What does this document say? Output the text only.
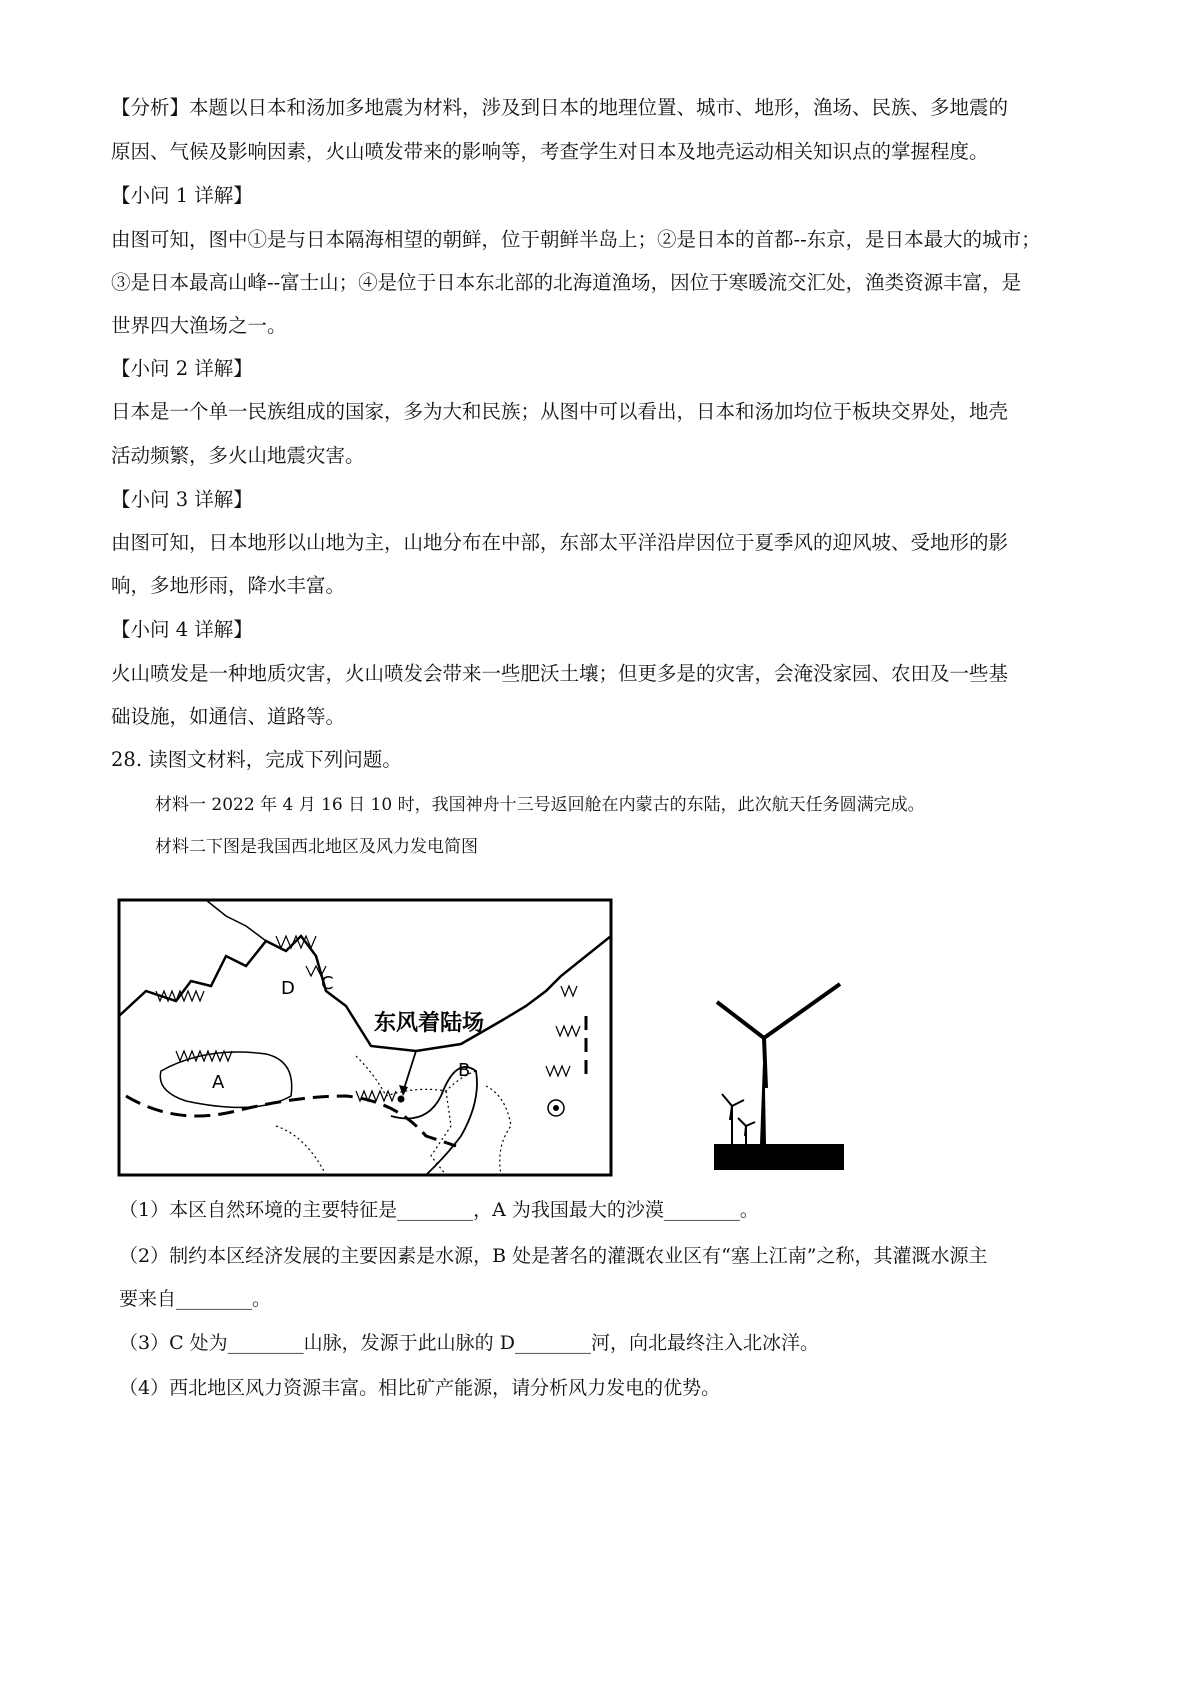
【分析】本题以日本和汤加多地震为材料，涉及到日本的地理位置、城市、地形，渔场、民族、多地震的
原因、气候及影响因素，火山喷发带来的影响等，考查学生对日本及地壳运动相关知识点的掌握程度。
【小问 1 详解】
由图可知，图中①是与日本隔海相望的朝鲜，位于朝鲜半岛上；②是日本的首都--东京，是日本最大的城市；
③是日本最高山峰--富士山；④是位于日本东北部的北海道渔场，因位于寒暖流交汇处，渔类资源丰富，是
世界四大渔场之一。
【小问 2 详解】
日本是一个单一民族组成的国家，多为大和民族；从图中可以看出，日本和汤加均位于板块交界处，地壳
活动频繁，多火山地震灾害。
【小问 3 详解】
由图可知，日本地形以山地为主，山地分布在中部，东部太平洋沿岸因位于夏季风的迎风坡、受地形的影
响，多地形雨，降水丰富。
【小问 4 详解】
火山喷发是一种地质灾害，火山喷发会带来一些肥沃土壤；但更多是的灾害，会淹没家园、农田及一些基
础设施，如通信、道路等。
28. 读图文材料，完成下列问题。
材料一 2022 年 4 月 16 日 10 时，我国神舟十三号返回舱在内蒙古的东陆，此次航天任务圆满完成。
材料二下图是我国西北地区及风力发电简图
东风着陆场
A
B
C
D
（1）本区自然环境的主要特征是________，A 为我国最大的沙漠________。
（2）制约本区经济发展的主要因素是水源，B 处是著名的灌溉农业区有“塞上江南”之称，其灌溉水源主
要来自________。
（3）C 处为________山脉，发源于此山脉的 D________河，向北最终注入北冰洋。
（4）西北地区风力资源丰富。相比矿产能源，请分析风力发电的优势。
